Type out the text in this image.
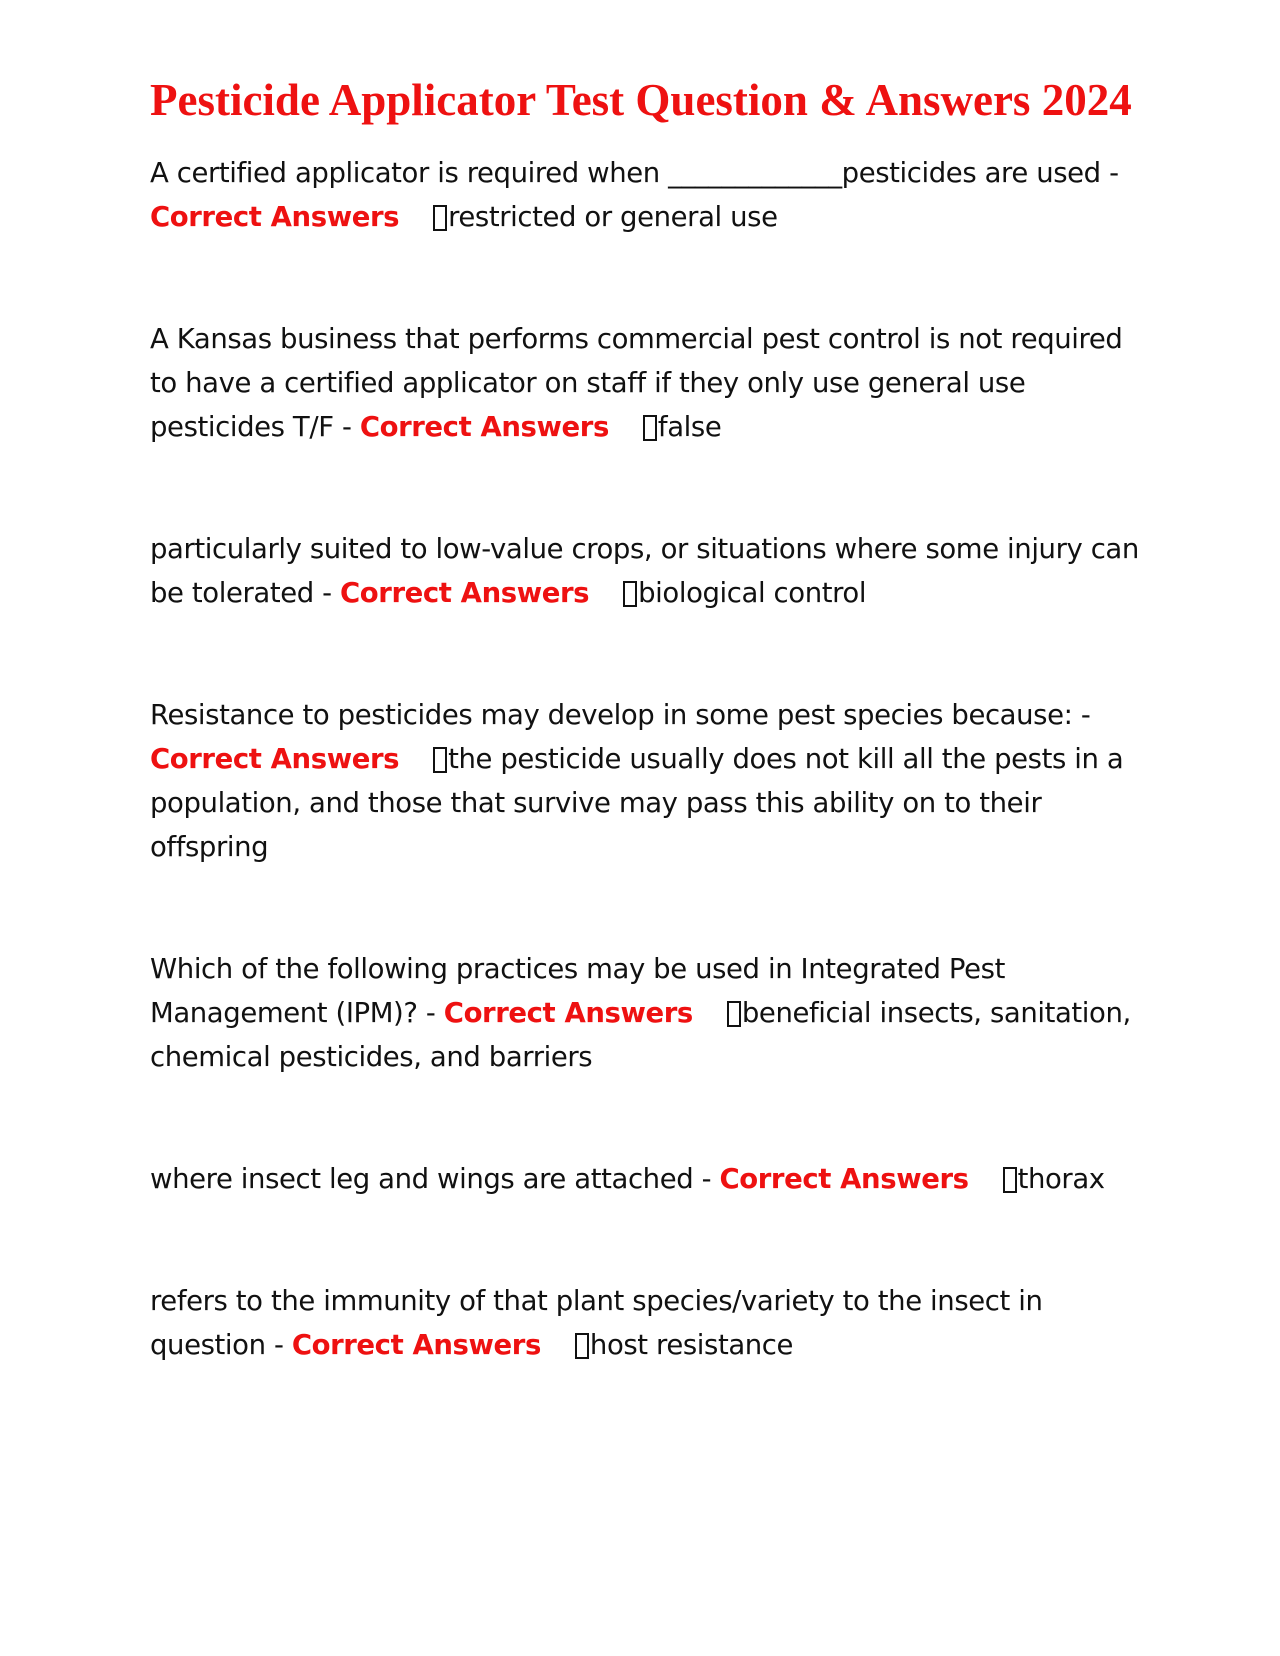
Pesticide Applicator Test Question & Answers 2024

A certified applicator is required when _____________pesticides are used - Correct Answers restricted or general use

A Kansas business that performs commercial pest control is not required to have a certified applicator on staff if they only use general use pesticides T/F - Correct Answers false

particularly suited to low-value crops, or situations where some injury can be tolerated - Correct Answers biological control

Resistance to pesticides may develop in some pest species because: - Correct Answers the pesticide usually does not kill all the pests in a population, and those that survive may pass this ability on to their offspring

Which of the following practices may be used in Integrated Pest Management (IPM)? - Correct Answers beneficial insects, sanitation, chemical pesticides, and barriers

where insect leg and wings are attached - Correct Answers thorax

refers to the immunity of that plant species/variety to the insect in question - Correct Answers host resistance
